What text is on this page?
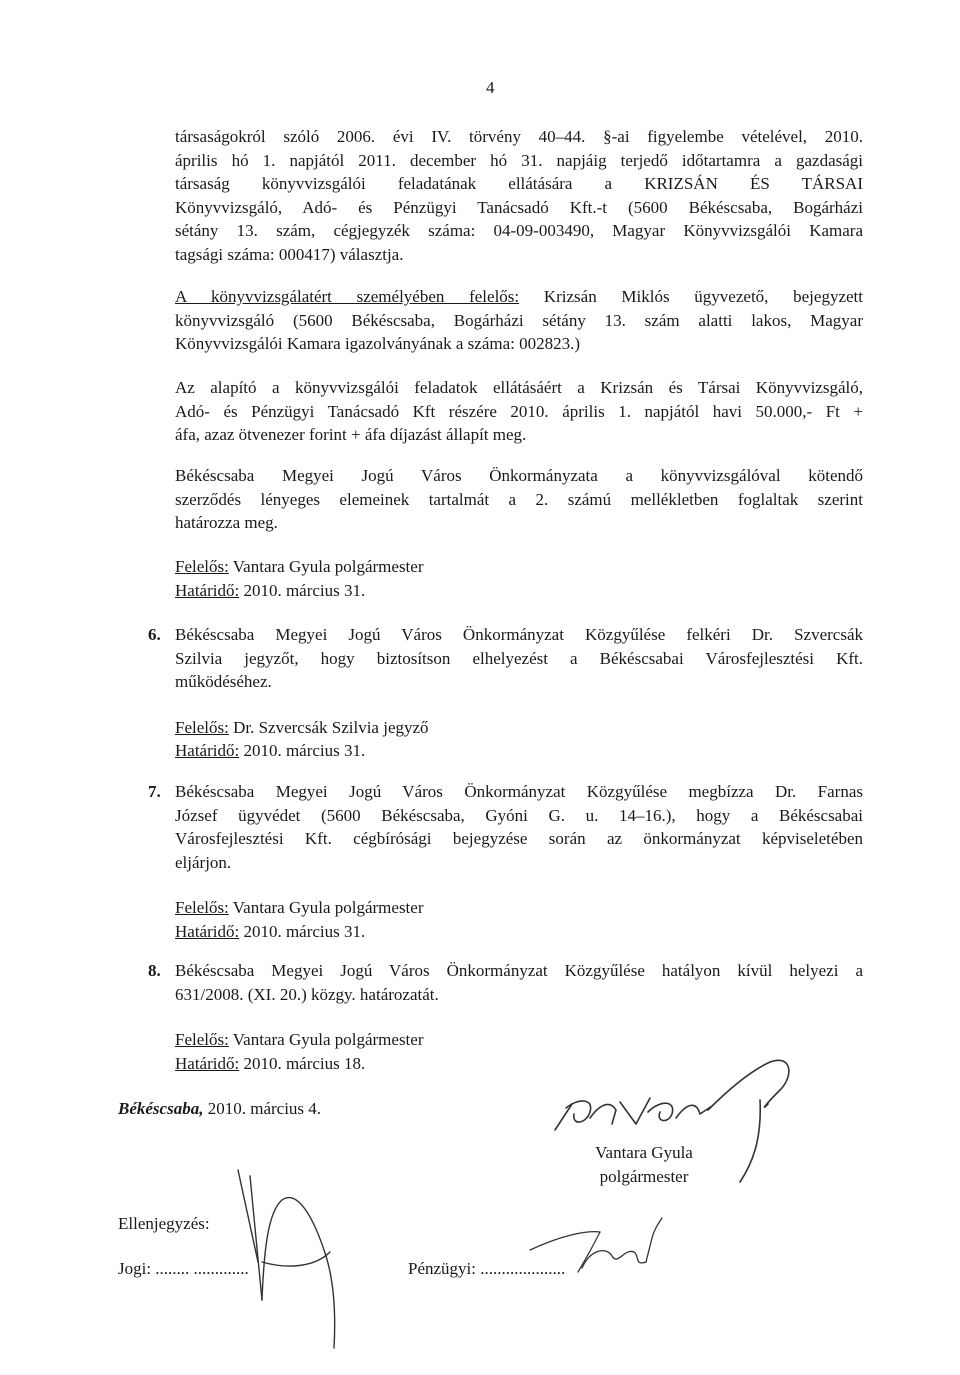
4
társaságokról szóló 2006. évi IV. törvény 40–44. §-ai figyelembe vételével, 2010.
április hó 1. napjától 2011. december hó 31. napjáig terjedő időtartamra a gazdasági
társaság könyvvizsgálói feladatának ellátására a KRIZSÁN ÉS TÁRSAI
Könyvvizsgáló, Adó- és Pénzügyi Tanácsadó Kft.-t (5600 Békéscsaba, Bogárházi
sétány 13. szám, cégjegyzék száma: 04-09-003490, Magyar Könyvvizsgálói Kamara
tagsági száma: 000417) választja.
A könyvvizsgálatért személyében felelős: Krizsán Miklós ügyvezető, bejegyzett
könyvvizsgáló (5600 Békéscsaba, Bogárházi sétány 13. szám alatti lakos, Magyar
Könyvvizsgálói Kamara igazolványának a száma: 002823.)
Az alapító a könyvvizsgálói feladatok ellátásáért a Krizsán és Társai Könyvvizsgáló,
Adó- és Pénzügyi Tanácsadó Kft részére 2010. április 1. napjától havi 50.000,- Ft +
áfa, azaz ötvenezer forint + áfa díjazást állapít meg.
Békéscsaba Megyei Jogú Város Önkormányzata a könyvvizsgálóval kötendő
szerződés lényeges elemeinek tartalmát a 2. számú mellékletben foglaltak szerint
határozza meg.
Felelős: Vantara Gyula polgármester
Határidő: 2010. március 31.
6. Békéscsaba Megyei Jogú Város Önkormányzat Közgyűlése felkéri Dr. Szvercsák
Szilvia jegyzőt, hogy biztosítson elhelyezést a Békéscsabai Városfejlesztési Kft.
működéséhez.
Felelős: Dr. Szvercsák Szilvia jegyző
Határidő: 2010. március 31.
7. Békéscsaba Megyei Jogú Város Önkormányzat Közgyűlése megbízza Dr. Farnas
József ügyvédet (5600 Békéscsaba, Gyóni G. u. 14–16.), hogy a Békéscsabai
Városfejlesztési Kft. cégbírósági bejegyzése során az önkormányzat képviseletében
eljárjon.
Felelős: Vantara Gyula polgármester
Határidő: 2010. március 31.
8. Békéscsaba Megyei Jogú Város Önkormányzat Közgyűlése hatályon kívül helyezi a
631/2008. (XI. 20.) közgy. határozatát.
Felelős: Vantara Gyula polgármester
Határidő: 2010. március 18.
Békéscsaba, 2010. március 4.
Vantara Gyula
polgármester
Ellenjegyzés:
Jogi: ........ .............	Pénzügyi: ....................
